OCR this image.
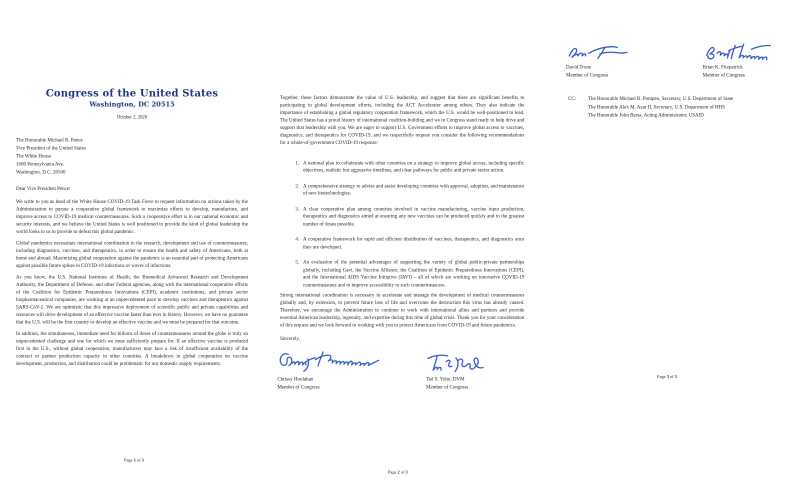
Congress of the United States
Washington, DC 20515
October 2, 2020
The Honorable Michael R. Pence
Vice President of the United States
The White House
1600 Pennsylvania Ave.
Washington, D.C. 20500
Dear Vice President Pence:

We write to you as head of the White House COVID-19 Task Force to request information on actions taken by the Administration to pursue a cooperative global framework to maximize efforts to develop, manufacture, and improve access to COVID-19 medical countermeasures. Such a cooperative effort is in our national economic and security interests, and we believe the United States is well positioned to provide the kind of global leadership the world looks to us to provide to defeat this global pandemic.

Global pandemics necessitate international coordination in the research, development and use of countermeasures, including diagnostics, vaccines, and therapeutics, in order to ensure the health and safety of Americans, both at home and abroad. Maximizing global cooperation against the pandemic is an essential part of protecting Americans against possible future spikes in COVID-19 infections or waves of infections.

As you know, the U.S. National Institutes of Health, the Biomedical Advanced Research and Development Authority, the Department of Defense, and other Federal agencies, along with the international cooperative efforts of the Coalition for Epidemic Preparedness Innovations (CEPI), academic institutions, and private sector biopharmaceutical companies, are working at an unprecedented pace to develop vaccines and therapeutics against SARS-CoV-2. We are optimistic that this impressive deployment of scientific public and private capabilities and resources will drive development of an effective vaccine faster than ever in history. However, we have no guarantee that the U.S. will be the first country to develop an effective vaccine and we must be prepared for that outcome.

In addition, the simultaneous, immediate need for billions of doses of countermeasures around the globe is truly an unprecedented challenge and one for which we must sufficiently prepare for. If an effective vaccine is produced first in the U.S., without global cooperation, manufacturers may face a risk of insufficient availability of the contract or partner production capacity in other countries. A breakdown in global cooperation on vaccine development, production, and distribution could be problematic for our domestic supply requirements.

Page 1 of 3

Together, these factors demonstrate the value of U.S. leadership, and suggest that there are significant benefits to participating in global development efforts, including the ACT Accelerator among others. They also indicate the importance of establishing a global regulatory cooperation framework, which the U.S. would be well-positioned to lead. The United States has a proud history of international coalition-building and we in Congress stand ready to help drive and support that leadership with you. We are eager to support U.S. Government efforts to improve global access to vaccines, diagnostics, and therapeutics for COVID-19, and we respectfully request you consider the following recommendations for a whole-of-government COVID-19 response:

1. A national plan to collaborate with other countries on a strategy to improve global access, including specific objectives, realistic but aggressive timelines, and clear pathways for public and private sector action.
2. A comprehensive strategy to advise and assist developing countries with approval, adoption, and maintenance of new biotechnologies.
3. A clear cooperative plan among countries involved in vaccine manufacturing, vaccine input production, therapeutics and diagnostics aimed at ensuring any new vaccines can be produced quickly and in the greatest number of doses possible.
4. A cooperative framework for rapid and efficient distribution of vaccines, therapeutics, and diagnostics once they are developed.
5. An evaluation of the potential advantages of supporting the variety of global public-private partnerships globally, including Gavi, the Vaccine Alliance, the Coalition of Epidemic Preparedness Innovations (CEPI), and the International AIDS Vaccine Initiative (IAVI) – all of which are working on innovative COVID-19 countermeasures and to improve accessibility to such countermeasures.

Strong international coordination is necessary to accelerate and manage the development of medical countermeasures globally and, by extension, to prevent future loss of life and overcome the destruction this virus has already caused. Therefore, we encourage the Administration to continue to work with international allies and partners and provide essential American leadership, ingenuity, and expertise during this time of global crisis. Thank you for your consideration of this request and we look forward to working with you to protect Americans from COVID-19 and future pandemics.

Sincerely,
Chrissy Houlahan
Member of Congress
Ted S. Yoho, DVM
Member of Congress
Page 2 of 3
David Trone
Member of Congress
Brian K. Fitzpatrick
Member of Congress
CC: The Honorable Michael R. Pompeo, Secretary, U.S. Department of State
The Honorable Alex M. Azar II, Secretary, U.S. Department of HHS
The Honorable John Barsa, Acting Administrator, USAID
Page 3 of 3
